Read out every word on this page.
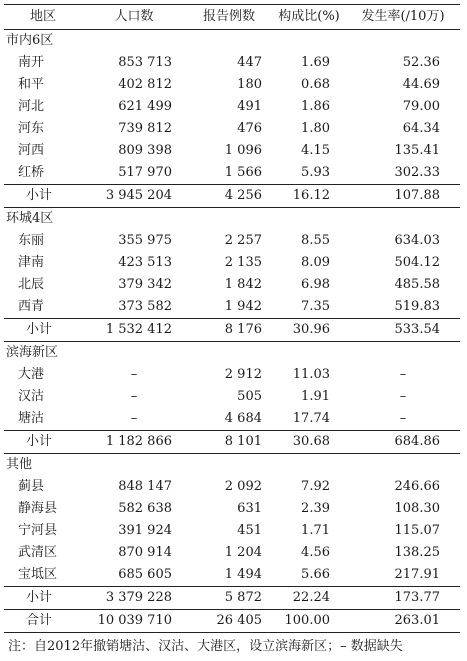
地区	人口数	报告例数	构成比(%)	发生率(/10万)
市内6区				
南开	853 713	447	1.69	52.36
和平	402 812	180	0.68	44.69
河北	621 499	491	1.86	79.00
河东	739 812	476	1.80	64.34
河西	809 398	1 096	4.15	135.41
红桥	517 970	1 566	5.93	302.33
小计	3 945 204	4 256	16.12	107.88
环城4区				
东丽	355 975	2 257	8.55	634.03
津南	423 513	2 135	8.09	504.12
北辰	379 342	1 842	6.98	485.58
西青	373 582	1 942	7.35	519.83
小计	1 532 412	8 176	30.96	533.54
滨海新区				
大港	–	2 912	11.03	–
汉沽	–	505	1.91	–
塘沽	–	4 684	17.74	–
小计	1 182 866	8 101	30.68	684.86
其他				
蓟县	848 147	2 092	7.92	246.66
静海县	582 638	631	2.39	108.30
宁河县	391 924	451	1.71	115.07
武清区	870 914	1 204	4.56	138.25
宝坻区	685 605	1 494	5.66	217.91
小计	3 379 228	5 872	22.24	173.77
合计	10 039 710	26 405	100.00	263.01
注：自2012年撤销塘沽、汉沽、大港区，设立滨海新区；– 数据缺失
